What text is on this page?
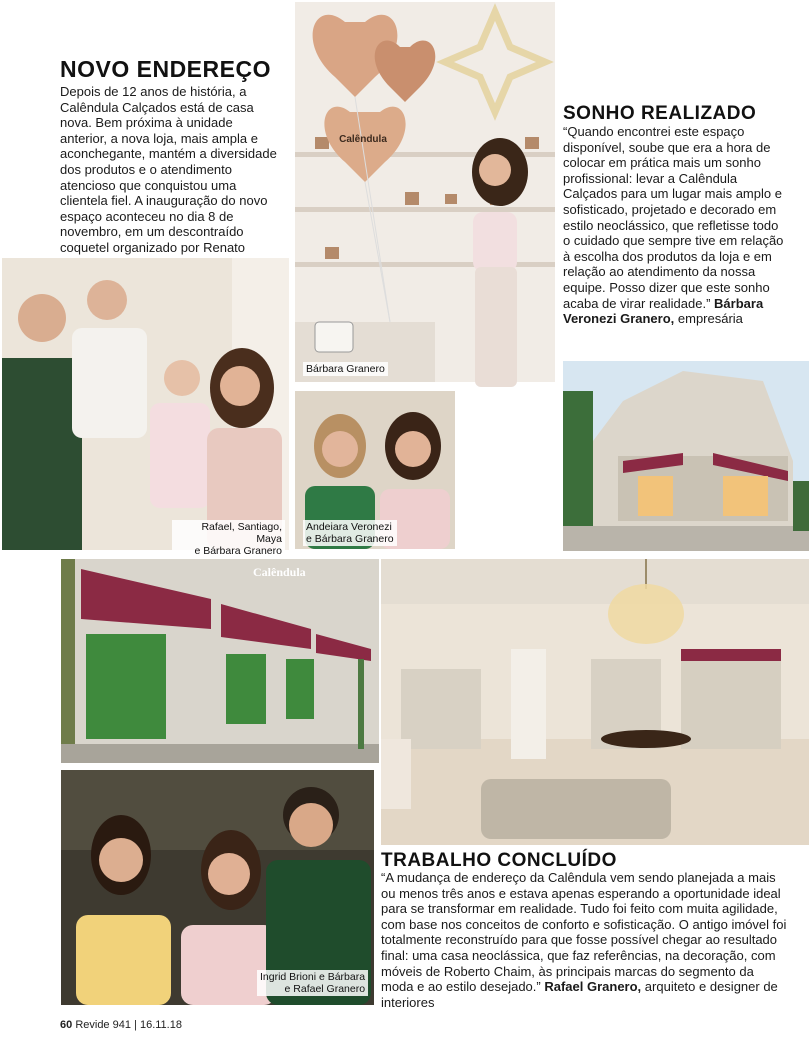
NOVO ENDEREÇO

Depois de 12 anos de história, a Calêndula Calçados está de casa nova. Bem próxima à unidade anterior, a nova loja, mais ampla e aconchegante, mantém a diversidade dos produtos e o atendimento atencioso que conquistou uma clientela fiel. A inauguração do novo espaço aconteceu no dia 8 de novembro, em um descontraído coquetel organizado por Renato

Calêndula
Bárbara Granero
SONHO REALIZADO

“Quando encontrei este espaço disponível, soube que era a hora de colocar em prática mais um sonho profissional: levar a Calêndula Calçados para um lugar mais amplo e sofisticado, projetado e decorado em estilo neoclássico, que refletisse todo o cuidado que sempre tive em relação à escolha dos produtos da loja e em relação ao atendimento da nossa equipe. Posso dizer que este sonho acaba de virar realidade.” Bárbara Veronezi Granero, empresária

Rafael, Santiago, Maya
e Bárbara Granero
Andeiara Veronezi
e Bárbara Granero
Calêndula
Ingrid Brioni e Bárbara
e Rafael Granero
TRABALHO CONCLUÍDO

“A mudança de endereço da Calêndula vem sendo planejada a mais ou menos três anos e estava apenas esperando a oportunidade ideal para se transformar em realidade. Tudo foi feito com muita agilidade, com base nos conceitos de conforto e sofisticação. O antigo imóvel foi totalmente reconstruído para que fosse possível chegar ao resultado final: uma casa neoclássica, que faz referências, na decoração, com móveis de Roberto Chaim, às principais marcas do segmento da moda e ao estilo desejado.” Rafael Granero, arquiteto e designer de interiores

60 Revide 941 | 16.11.18
